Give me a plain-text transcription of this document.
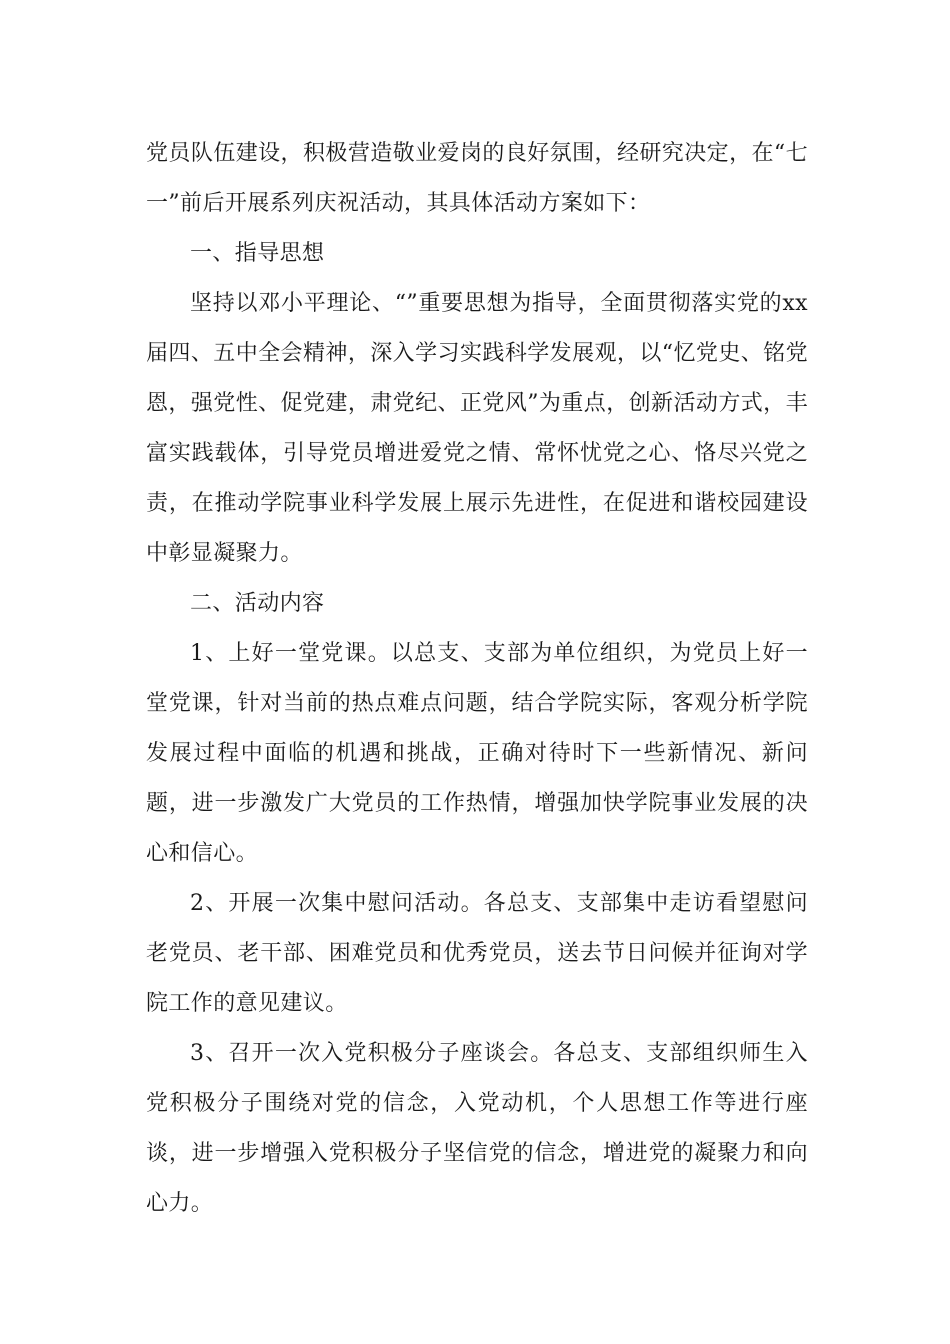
党员队伍建设，积极营造敬业爱岗的良好氛围，经研究决定，在“七一”前后开展系列庆祝活动，其具体活动方案如下：

一、指导思想

坚持以邓小平理论、“”重要思想为指导，全面贯彻落实党的xx届四、五中全会精神，深入学习实践科学发展观，以“忆党史、铭党恩，强党性、促党建，肃党纪、正党风”为重点，创新活动方式，丰富实践载体，引导党员增进爱党之情、常怀忧党之心、恪尽兴党之责，在推动学院事业科学发展上展示先进性，在促进和谐校园建设中彰显凝聚力。

二、活动内容

1、上好一堂党课。以总支、支部为单位组织，为党员上好一堂党课，针对当前的热点难点问题，结合学院实际，客观分析学院发展过程中面临的机遇和挑战，正确对待时下一些新情况、新问题，进一步激发广大党员的工作热情，增强加快学院事业发展的决心和信心。

2、开展一次集中慰问活动。各总支、支部集中走访看望慰问老党员、老干部、困难党员和优秀党员，送去节日问候并征询对学院工作的意见建议。

3、召开一次入党积极分子座谈会。各总支、支部组织师生入党积极分子围绕对党的信念，入党动机，个人思想工作等进行座谈，进一步增强入党积极分子坚信党的信念，增进党的凝聚力和向心力。
